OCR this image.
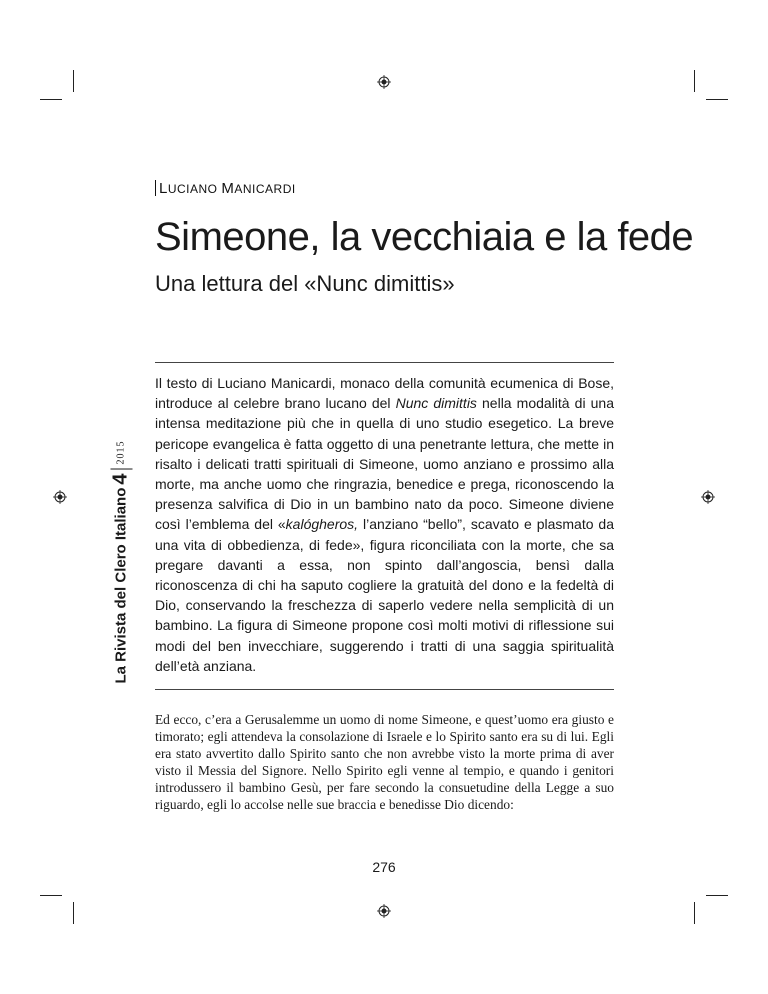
LUCIANO MANICARDI
Simeone, la vecchiaia e la fede
Una lettura del «Nunc dimittis»

Il testo di Luciano Manicardi, monaco della comunità ecumenica di Bose, introduce al celebre brano lucano del Nunc dimittis nella modalità di una intensa meditazione più che in quella di uno studio esegetico. La breve pericope evangelica è fatta oggetto di una penetrante lettura, che mette in risalto i delicati tratti spirituali di Simeone, uomo anziano e prossimo alla morte, ma anche uomo che ringrazia, benedice e prega, riconoscendo la presenza salvifica di Dio in un bambino nato da poco. Simeone diviene così l’emblema del «kalógheros, l’anziano “bello”, scavato e plasmato da una vita di obbedienza, di fede», figura riconciliata con la morte, che sa pregare davanti a essa, non spinto dall’angoscia, bensì dalla riconoscenza di chi ha saputo cogliere la gratuità del dono e la fedeltà di Dio, conservando la freschezza di saperlo vedere nella semplicità di un bambino. La figura di Simeone propone così molti motivi di riflessione sui modi del ben invecchiare, suggerendo i tratti di una saggia spiritualità dell’età anziana.

Ed ecco, c’era a Gerusalemme un uomo di nome Simeone, e quest’uomo era giusto e timorato; egli attendeva la consolazione di Israele e lo Spirito santo era su di lui. Egli era stato avvertito dallo Spirito santo che non avrebbe visto la morte prima di aver visto il Messia del Signore. Nello Spirito egli venne al tempio, e quando i genitori introdussero il bambino Gesù, per fare secondo la consuetudine della Legge a suo riguardo, egli lo accolse nelle sue braccia e benedisse Dio dicendo:

276
La Rivista del Clero Italiano
4
2015
